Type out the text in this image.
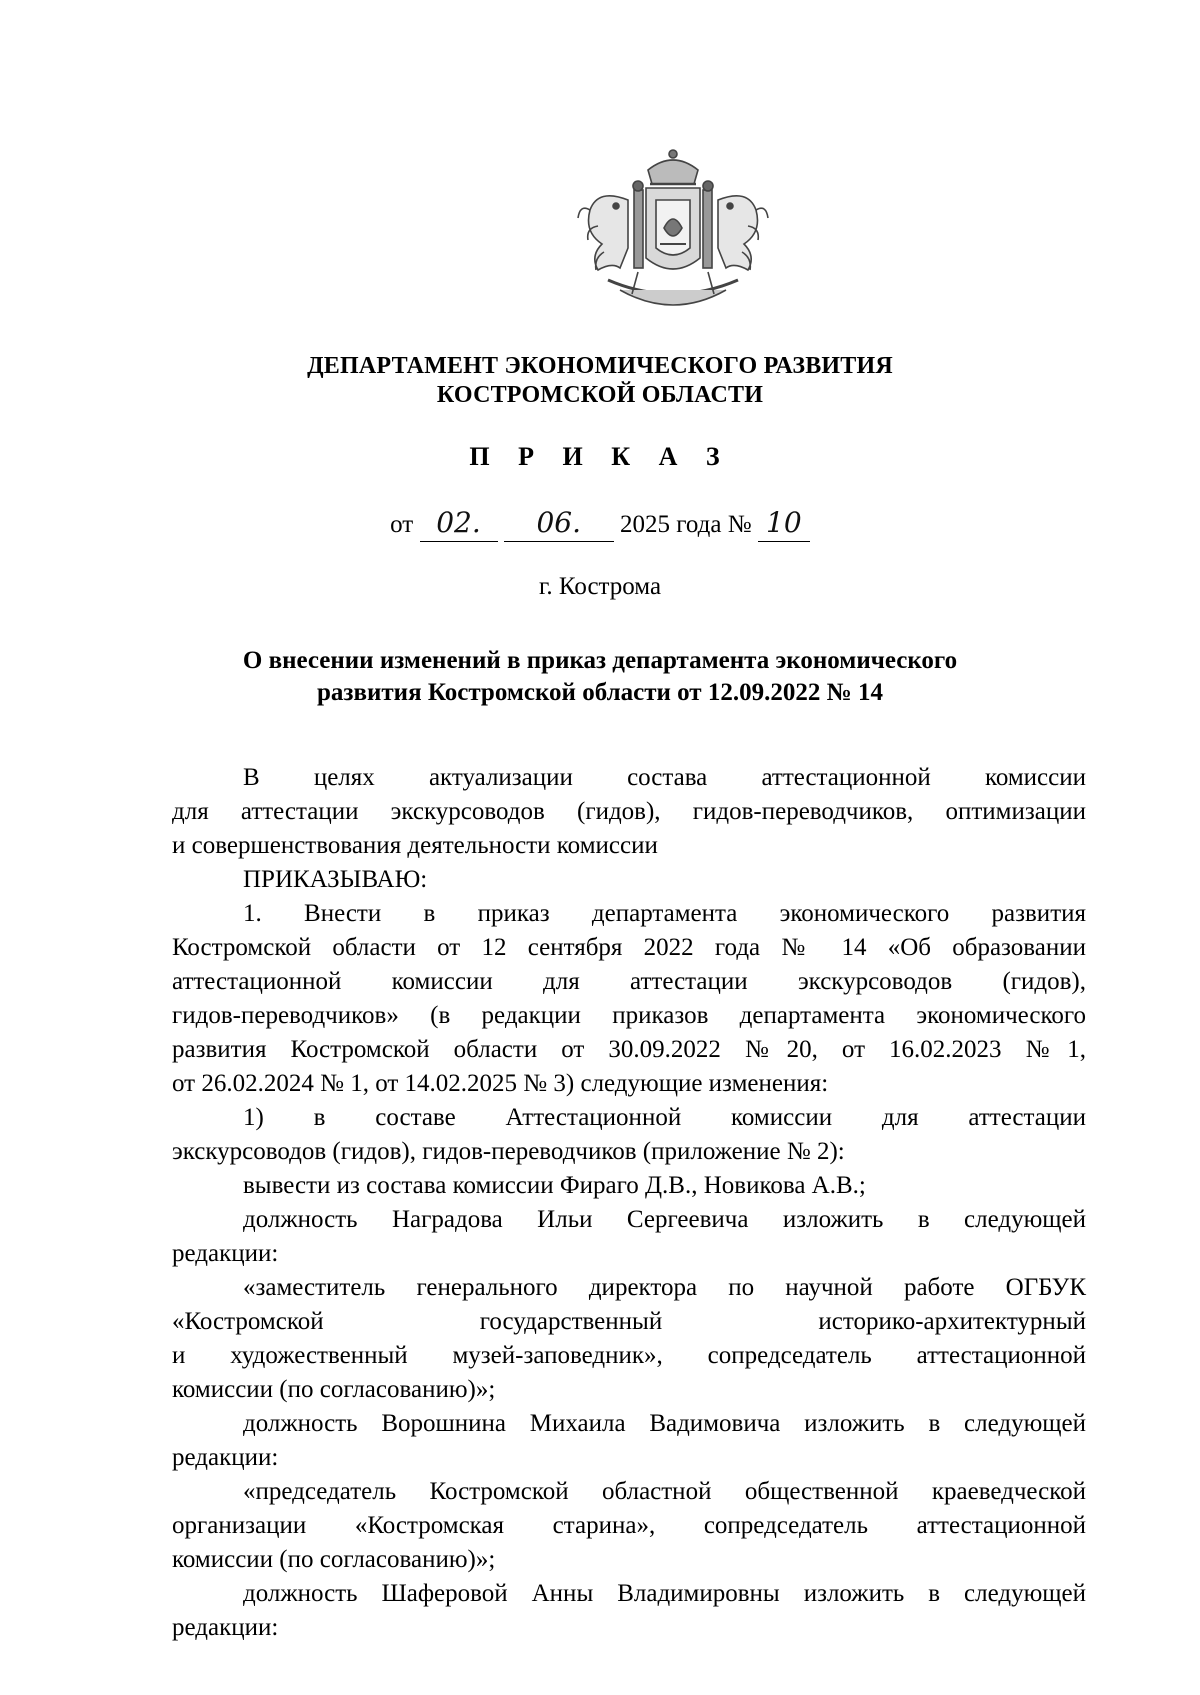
ДЕПАРТАМЕНТ ЭКОНОМИЧЕСКОГО РАЗВИТИЯ
КОСТРОМСКОЙ ОБЛАСТИ
П Р И К А З
от 02. 06. 2025 года № 10
г. Кострома
О внесении изменений в приказ департамента экономического
развития Костромской области от 12.09.2022 № 14
В целях актуализации состава аттестационной комиссии
для аттестации экскурсоводов (гидов), гидов-переводчиков, оптимизации
и совершенствования деятельности комиссии
ПРИКАЗЫВАЮ:
1. Внести в приказ департамента экономического развития
Костромской области от 12 сентября 2022 года № 14 «Об образовании
аттестационной комиссии для аттестации экскурсоводов (гидов),
гидов-переводчиков» (в редакции приказов департамента экономического
развития Костромской области от 30.09.2022 №20, от 16.02.2023 №1,
от 26.02.2024 № 1, от 14.02.2025 № 3) следующие изменения:
1) в составе Аттестационной комиссии для аттестации
экскурсоводов (гидов), гидов-переводчиков (приложение № 2):
вывести из состава комиссии Фираго Д.В., Новикова А.В.;
должность Наградова Ильи Сергеевича изложить в следующей
редакции:
«заместитель генерального директора по научной работе ОГБУК
«Костромской государственный историко-архитектурный
и художественный музей-заповедник», сопредседатель аттестационной
комиссии (по согласованию)»;
должность Ворошнина Михаила Вадимовича изложить в следующей
редакции:
«председатель Костромской областной общественной краеведческой
организации «Костромская старина», сопредседатель аттестационной
комиссии (по согласованию)»;
должность Шаферовой Анны Владимировны изложить в следующей
редакции:
